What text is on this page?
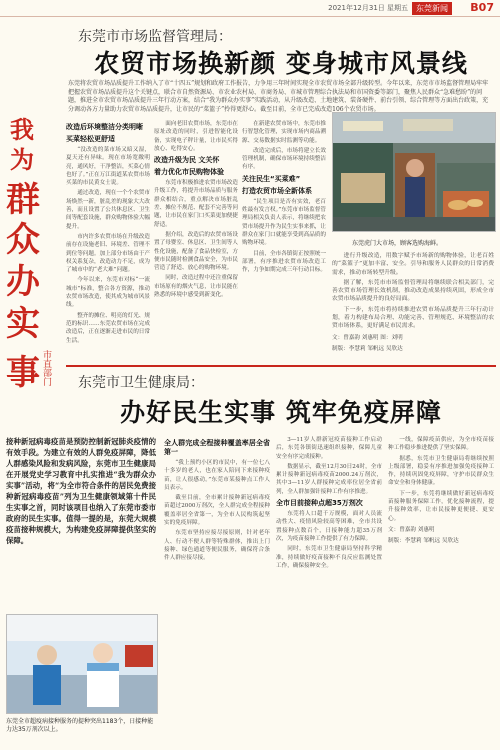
2021年12月31日 星期五	东莞新闻	B07
我
为
群
众
办
实事 市直部门
东莞市市场监督管理局：
农贸市场换新颜 变身城市风景线
东莞将农贸市场品质提升工作纳入了市“十四五”规划和政府工作报告，力争用三年时间实现全市农贸市场全部升级转型。今年以来，东莞市市场监督管理局牢牢把握农贸市场品质提升这个关键点，联合市自然资源局、市农业农村局、市商务局、市城市管理综合执法局和市国资委等部门，聚焦人民群众“急难愁盼”的问题，推进全市农贸市场品质提升三年行动方案，结合“我为群众办实事”实践活动，从升级改造、土地建筑、装备硬件、前台引领、综合管理等方面出台政策，充分调动各方力量助力农贸市场品质提升，让市民的“菜篮子”拎得更舒心。截至目前，全市已完成改造106个农贸市场。
改造后环境整洁分类明晰
买菜轻松更舒适

“没改造的菜市场又暗又湿，夏天还有异味。现在市场宽敞明亮，通风好，干净整洁，买菜心情也好了。”正在万江街道某农贸市场买菜的市民黄女士说。

通过改造，现在一个个农贸市场焕然一新，脏乱差的现象大大改善，而且设置了公共休息区、卫生间等配套设施，群众购物体验大幅提升。

市内许多农贸市场在升级改造前存在设施老旧、环境差、管理不到位等问题。加上部分市场由于产权关系复杂，改造动力不足，成为了城市中的“老大难”问题。

今年以来，东莞市对标“一流城市”标准，整合各方资源，推动农贸市场改造，使其成为城市风景线。

整齐的摊位、明亮的灯光、规范的标识……东莞农贸市场在完成改造后，正在逐渐走进市民的日常生活。

面向老旧农贸市场，东莞市在原址改造的同时，引进智能化设备，实现电子秤计量，让市民买得放心、吃得安心。

改造升级为民 文关怀
着力优化市民购物体验

东莞市积极推进农贸市场改造升级工作，将提升市场品质与服务群众相结合，重点解决市场脏乱差、摊位不规范、配套不完善等问题，让市民在家门口买菜更加便捷舒适。

据介绍，改造后的农贸市场设置了母婴室、休息区、卫生间等人性化设施，配备了食品快检室，方便市民随时检测食品安全，为市民营造了舒适、放心的购物环境。

同时，改造过程中还注重保留市场原有的烟火气息，让市民能在熟悉的环境中感受到新变化。

在新建农贸市场中，东莞市推行智慧化管理，实现市场内商品溯源、交易数据实时监测等功能。

改造完成后，市场将建立长效管理机制，确保市场环境持续整洁有序。

关注民生“买菜难”
打造农贸市场全新体系

“民生项目是否有实效，老百姓最有发言权。”东莞市市场监督管理局相关负责人表示，将继续把农贸市场提升作为民生实事来抓，让群众在家门口就能享受到高品质的购物环境。

目前，全市各镇街正按照统一部署，有序推进农贸市场改造工作，力争如期完成三年行动目标。

东莞虎门大市场，顾客选购海鲜。

进行升级改造，用数字赋予市场新的购物体验，让老百姓的“菜篮子”更加丰富、安全。引导和服务人民群众的日常消费需求，推动市场转型升级。

据了解，东莞市市场监督管理局将继续联合相关部门，完善农贸市场管理长效机制，推动改造成果持续巩固，形成全市农贸市场品质提升的良好局面。

下一步，东莞市将持续推进农贸市场品质提升三年行动计划，着力构建布局合理、功能完善、管理规范、环境整洁的农贸市场体系，更好满足市民需求。

文：曾嘉韵 刘惠明 图：刘明
制版：李慧莉 邹帆远 吴欣达
东莞市卫生健康局：
办好民生实事 筑牢免疫屏障
接种新冠病毒疫苗是预防控制新冠肺炎疫情的有效手段。为建立有效的人群免疫屏障，降低人群感染风险和发病风险，东莞市卫生健康局在开展党史学习教育中扎实推进“我为群众办实事”活动，将“为全市符合条件的居民免费接种新冠病毒疫苗”列为卫生健康领域第十件民生实事之首，同时该项目也纳入了东莞市委市政府的民生实事。值得一提的是，东莞大规模疫苗接种规模大，为构建免疫屏障提供坚实的保障。
东莞全市超疫病接种服务的提种突出1183个，日接种能力达35万剂次以上。
全人群完成全程接种覆盖率居全省第一

“我上预约小区的市民中，有一位七八十多岁的老人，也在家人陪同下来接种疫苗，让人很感动。”东莞市某接种点工作人员表示。

截至目前，全市累计接种新冠病毒疫苗超过2000万剂次，全人群完成全程接种覆盖率居全省第一，为全市人民构筑起坚实的免疫屏障。

东莞市坚持应接尽接原则，针对老年人、行动不便人群等特殊群体，推出上门接种、绿色通道等便民服务，确保符合条件人群应接尽接。

3—11岁人群新冠疫苗接种工作启动后，东莞各镇街迅速组织接种，保障儿童安全有序完成接种。

数据显示，截至12月30日24时，全市累计接种新冠病毒疫苗2000.24万剂次，其中3—11岁人群接种完成率位居全省前列，全人群加强针接种工作有序推进。

全市目前接种点超35万剂次

东莞将人口超千万规模，面对人员流动性大、疫情风险较高等困难，全市共设置接种点数百个，日接种能力超35万剂次，为疫苗接种工作提供了有力保障。

同时，东莞市卫生健康局坚持科学精准，持续做好疫苗接种不良反应监测处置工作，确保接种安全。

一线，保障疫苗供应，为全市疫苗接种工作稳步推进提供了坚实保障。

据悉，东莞市卫生健康局将继续按照上级部署，稳妥有序推进加强免疫接种工作，持续巩固免疫屏障，守护市民群众生命安全和身体健康。

下一步，东莞将继续做好新冠病毒疫苗接种服务保障工作，优化接种流程，提升接种效率，让市民接种更便捷、更安心。

文：曾嘉韵 刘惠明
制版：李慧莉 邹帆远 吴欣达
